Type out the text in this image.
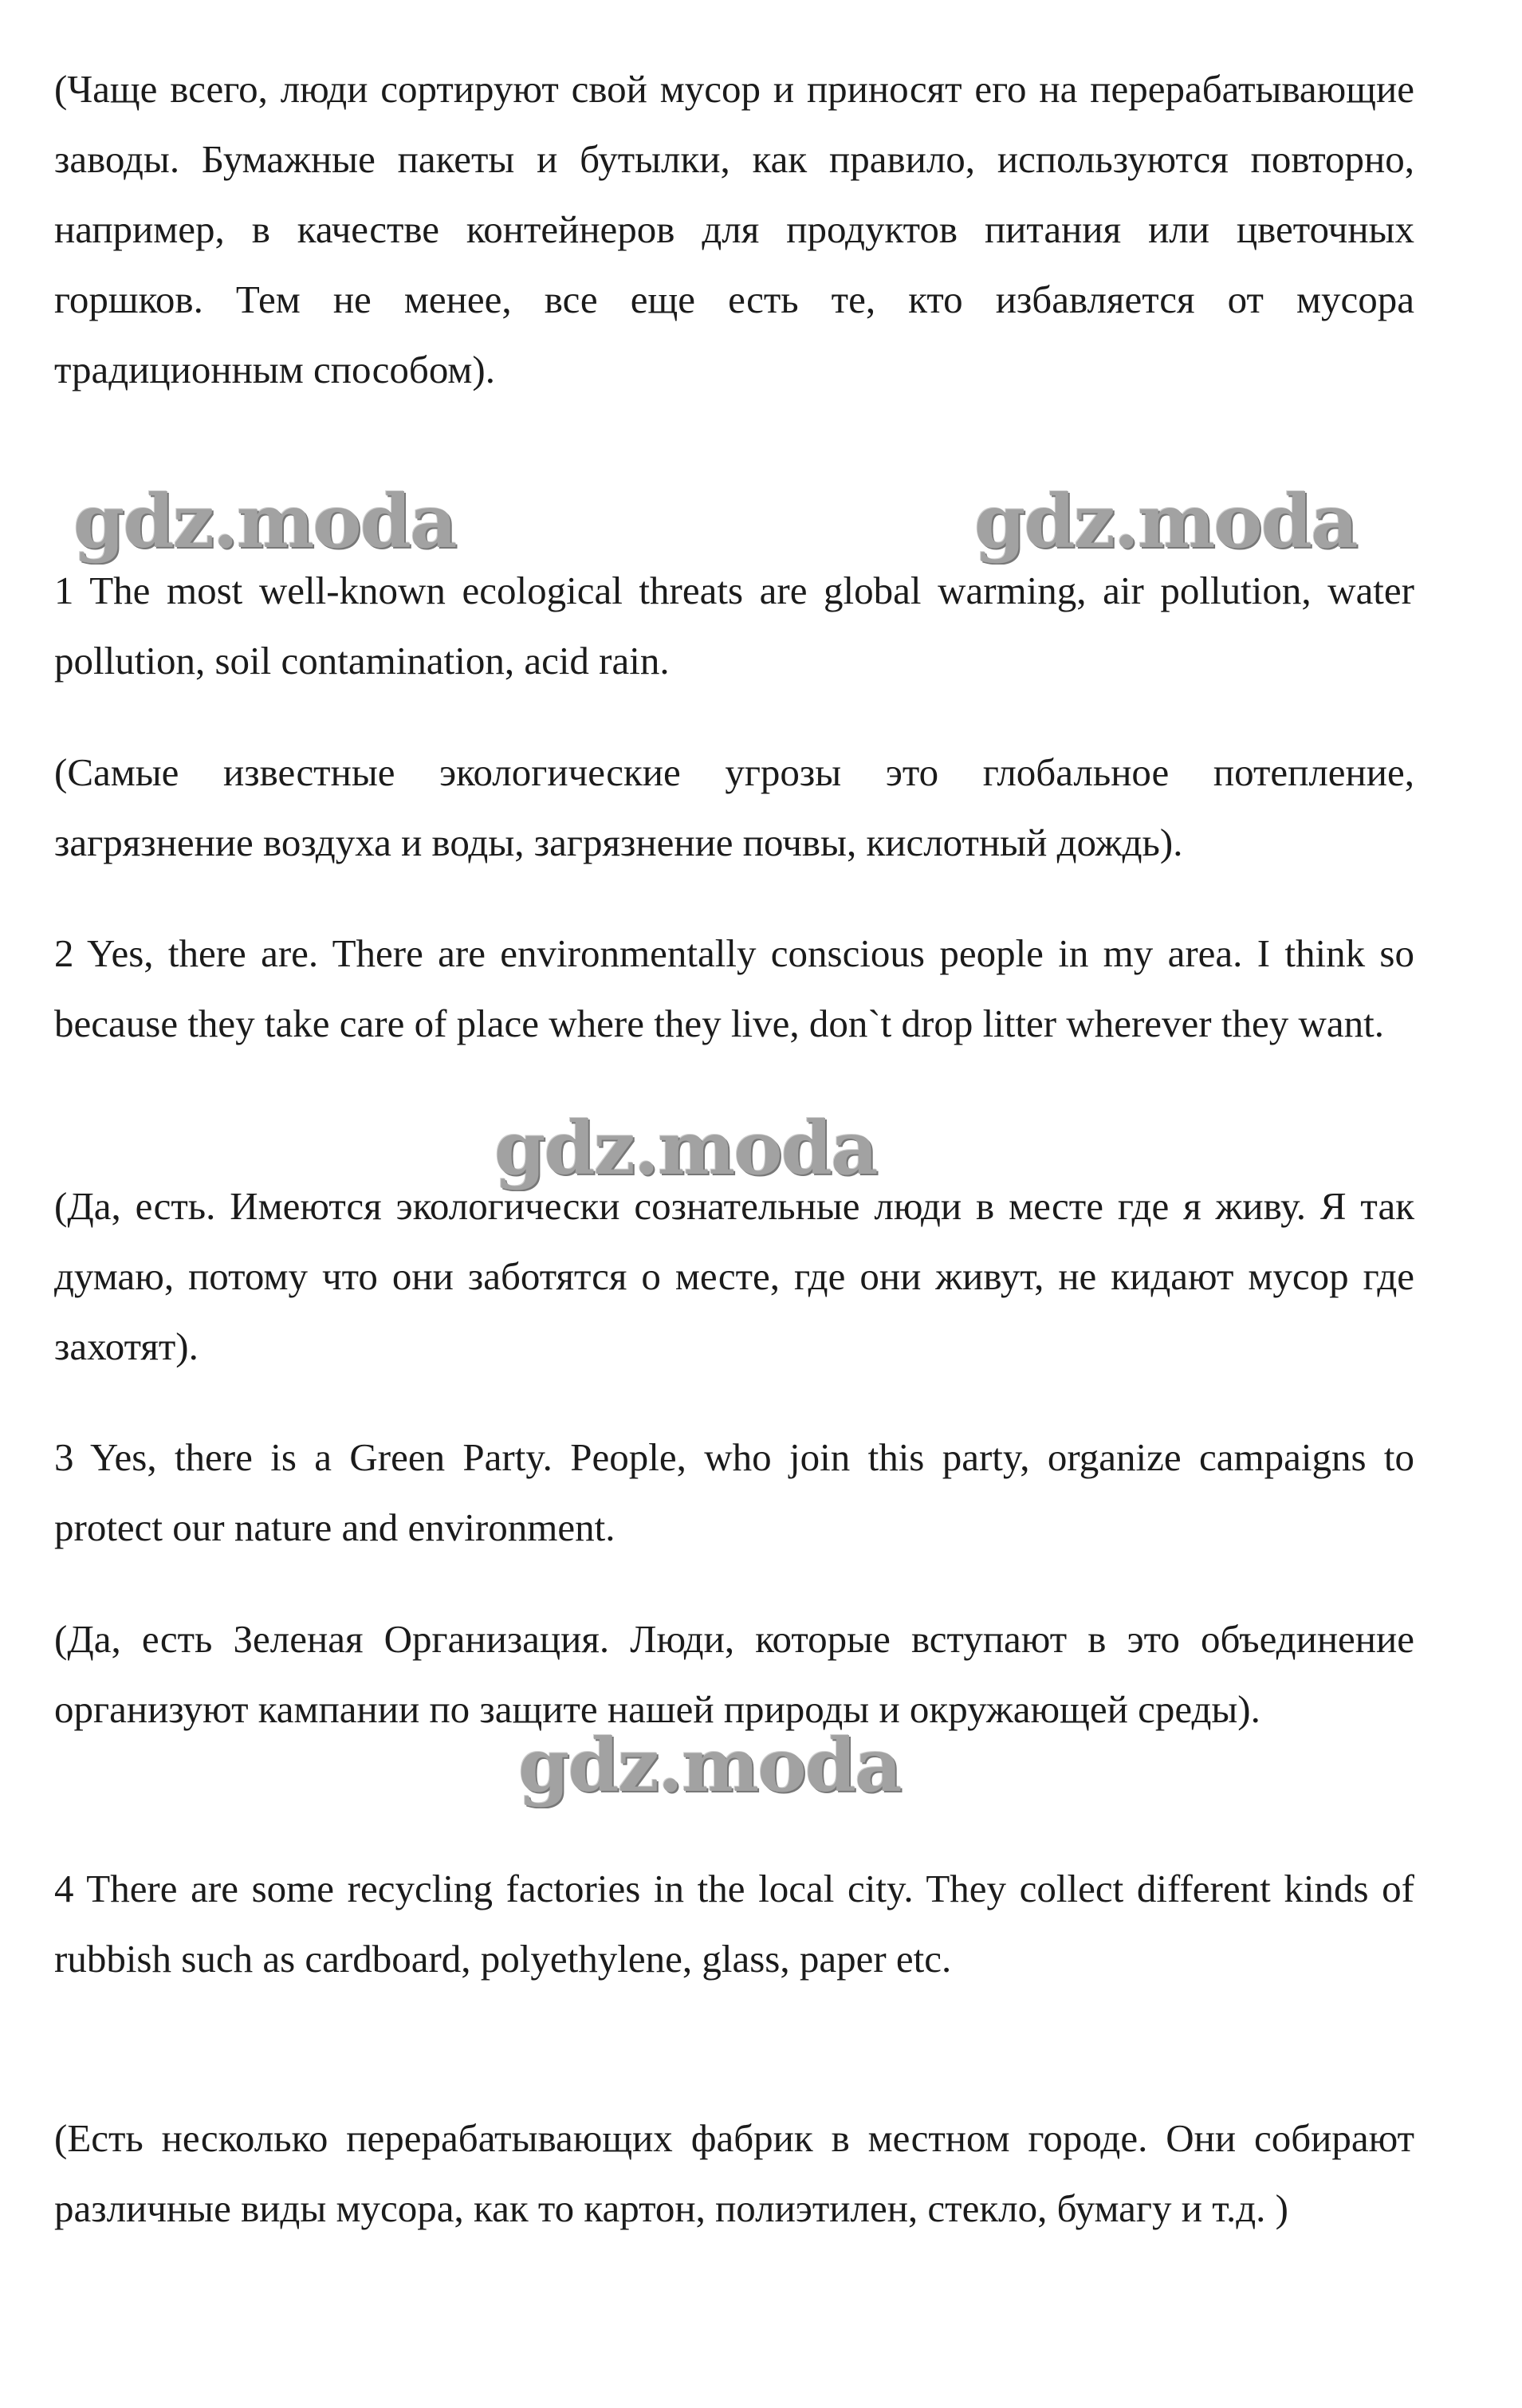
(Чаще всего, люди сортируют свой мусор и приносят его на перерабатывающие заводы. Бумажные пакеты и бутылки, как правило, используются повторно, например, в качестве контейнеров для продуктов питания или цветочных горшков. Тем не менее, все еще есть те, кто избавляется от мусора традиционным способом).

gdz.moda	gdz.moda

1 The most well-known ecological threats are global warming, air pollution, water pollution, soil contamination, acid rain.

(Самые известные экологические угрозы это глобальное потепление, загрязнение воздуха и воды, загрязнение почвы, кислотный дождь).

2 Yes, there are. There are environmentally conscious people in my area. I think so because they take care of place where they live, don`t drop litter wherever they want.

gdz.moda

(Да, есть. Имеются экологически сознательные люди в месте где я живу. Я так думаю, потому что они заботятся о месте, где они живут, не кидают мусор где захотят).

3 Yes, there is a Green Party. People, who join this party, organize campaigns to protect our nature and environment.

(Да, есть Зеленая Организация. Люди, которые вступают в это объединение организуют кампании по защите нашей природы и окружающей среды).

gdz.moda

4 There are some recycling factories in the local city. They collect different kinds of rubbish such as cardboard, polyethylene, glass, paper etc.

(Есть несколько перерабатывающих фабрик в местном городе. Они собирают различные виды мусора, как то картон, полиэтилен, стекло, бумагу и т.д. )
